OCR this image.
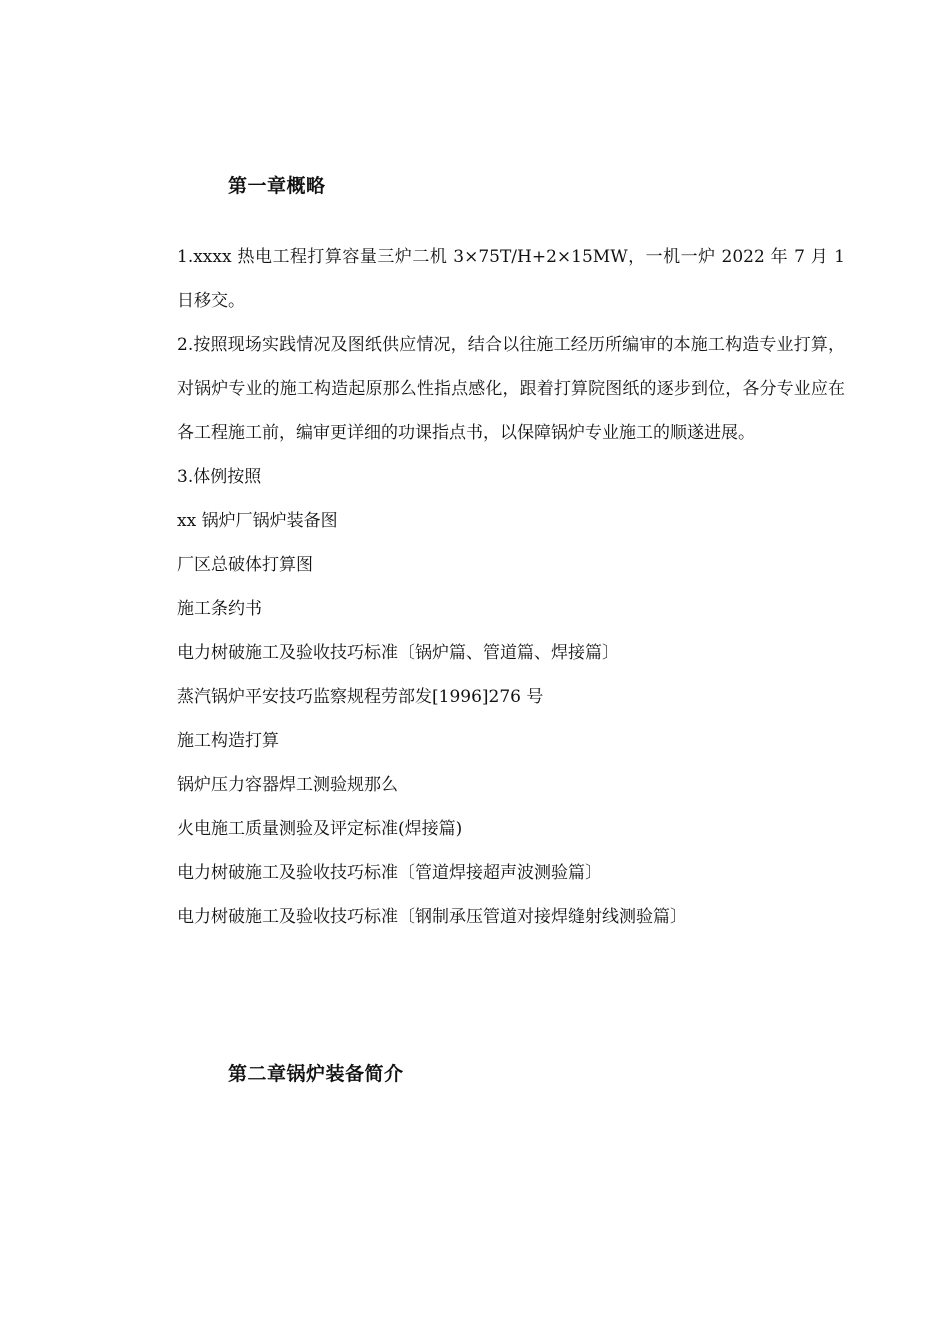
第一章概略

1.xxxx 热电工程打算容量三炉二机 3×75T/H+2×15MW，一机一炉 2022 年 7 月 1 日移交。

2.按照现场实践情况及图纸供应情况，结合以往施工经历所编审的本施工构造专业打算，对锅炉专业的施工构造起原那么性指点感化，跟着打算院图纸的逐步到位，各分专业应在各工程施工前，编审更详细的功课指点书，以保障锅炉专业施工的顺遂进展。

3.体例按照

xx 锅炉厂锅炉装备图

厂区总破体打算图

施工条约书

电力树破施工及验收技巧标准〔锅炉篇、管道篇、焊接篇〕

蒸汽锅炉平安技巧监察规程劳部发[1996]276 号

施工构造打算

锅炉压力容器焊工测验规那么

火电施工质量测验及评定标准(焊接篇)

电力树破施工及验收技巧标准〔管道焊接超声波测验篇〕

电力树破施工及验收技巧标准〔钢制承压管道对接焊缝射线测验篇〕

第二章锅炉装备简介
